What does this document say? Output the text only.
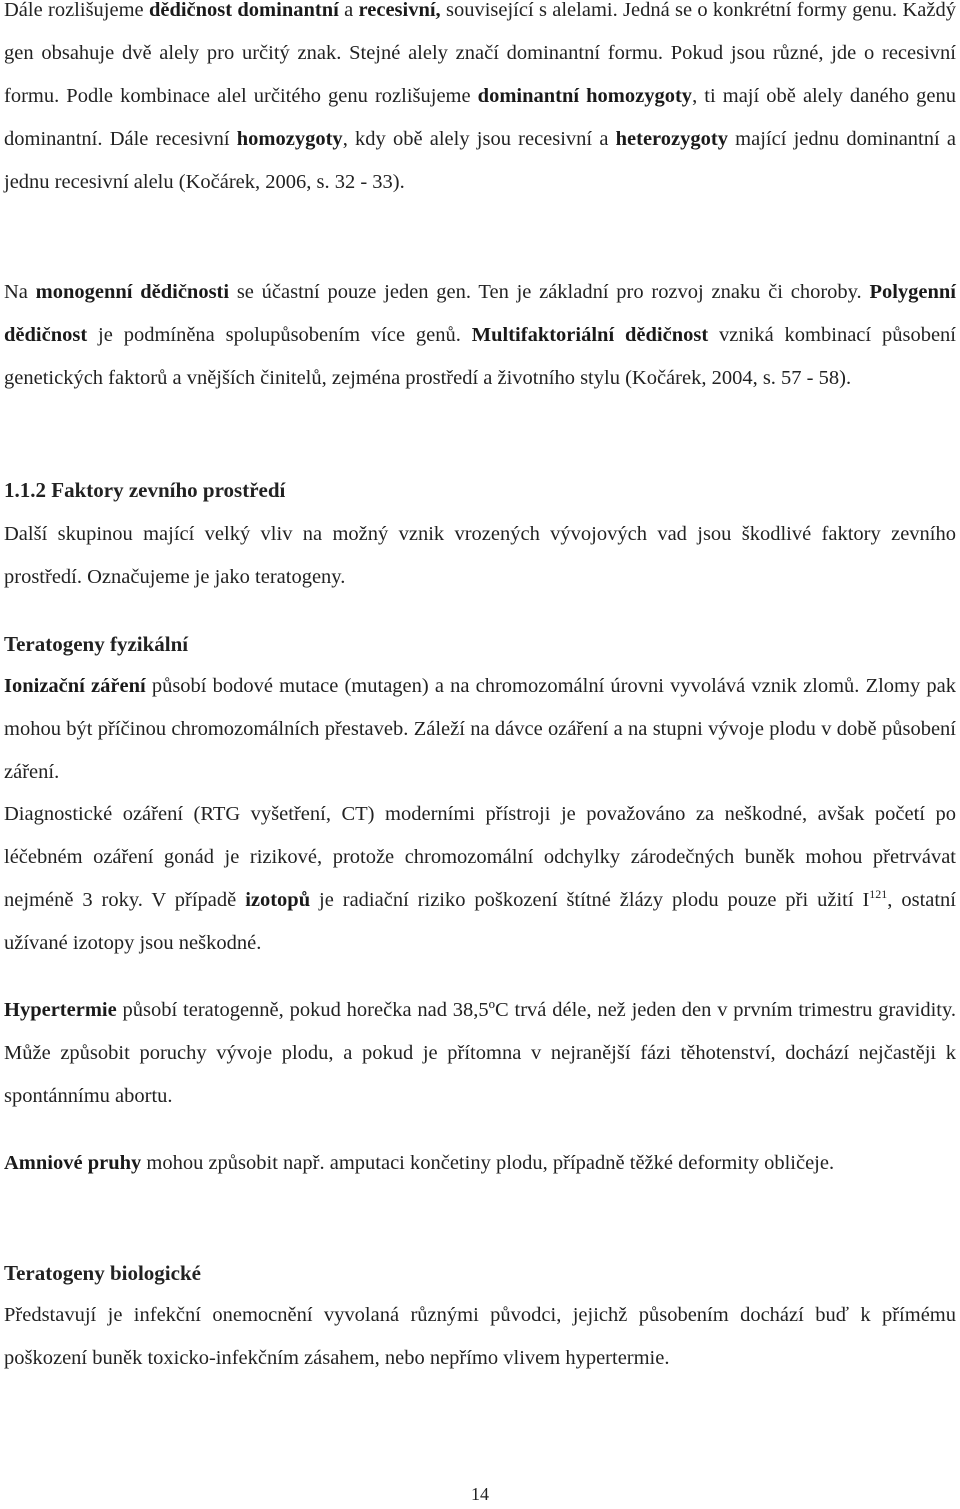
Dále rozlišujeme dědičnost dominantní a recesivní, související s alelami. Jedná se o konkrétní formy genu. Každý gen obsahuje dvě alely pro určitý znak. Stejné alely značí dominantní formu. Pokud jsou různé, jde o recesivní formu. Podle kombinace alel určitého genu rozlišujeme dominantní homozygoty, ti mají obě alely daného genu dominantní. Dále recesivní homozygoty, kdy obě alely jsou recesivní a heterozygoty mající jednu dominantní a jednu recesivní alelu (Kočárek, 2006, s. 32 - 33).

Na monogenní dědičnosti se účastní pouze jeden gen. Ten je základní pro rozvoj znaku či choroby. Polygenní dědičnost je podmíněna spolupůsobením více genů. Multifaktoriální dědičnost vzniká kombinací působení genetických faktorů a vnějších činitelů, zejména prostředí a životního stylu (Kočárek, 2004, s. 57 - 58).

1.1.2 Faktory zevního prostředí

Další skupinou mající velký vliv na možný vznik vrozených vývojových vad jsou škodlivé faktory zevního prostředí. Označujeme je jako teratogeny.

Teratogeny fyzikální

Ionizační záření působí bodové mutace (mutagen) a na chromozomální úrovni vyvolává vznik zlomů. Zlomy pak mohou být příčinou chromozomálních přestaveb. Záleží na dávce ozáření a na stupni vývoje plodu v době působení záření.

Diagnostické ozáření (RTG vyšetření, CT) moderními přístroji je považováno za neškodné, avšak početí po léčebném ozáření gonád je rizikové, protože chromozomální odchylky zárodečných buněk mohou přetrvávat nejméně 3 roky. V případě izotopů je radiační riziko poškození štítné žlázy plodu pouze při užití $I^{121}$, ostatní užívané izotopy jsou neškodné.

Hypertermie působí teratogenně, pokud horečka nad 38,5ºC trvá déle, než jeden den v prvním trimestru gravidity. Může způsobit poruchy vývoje plodu, a pokud je přítomna v nejranější fázi těhotenství, dochází nejčastěji k spontánnímu abortu.

Amniové pruhy mohou způsobit např. amputaci končetiny plodu, případně těžké deformity obličeje.

Teratogeny biologické

Představují je infekční onemocnění vyvolaná různými původci, jejichž působením dochází buď k přímému poškození buněk toxicko-infekčním zásahem, nebo nepřímo vlivem hypertermie.

14
